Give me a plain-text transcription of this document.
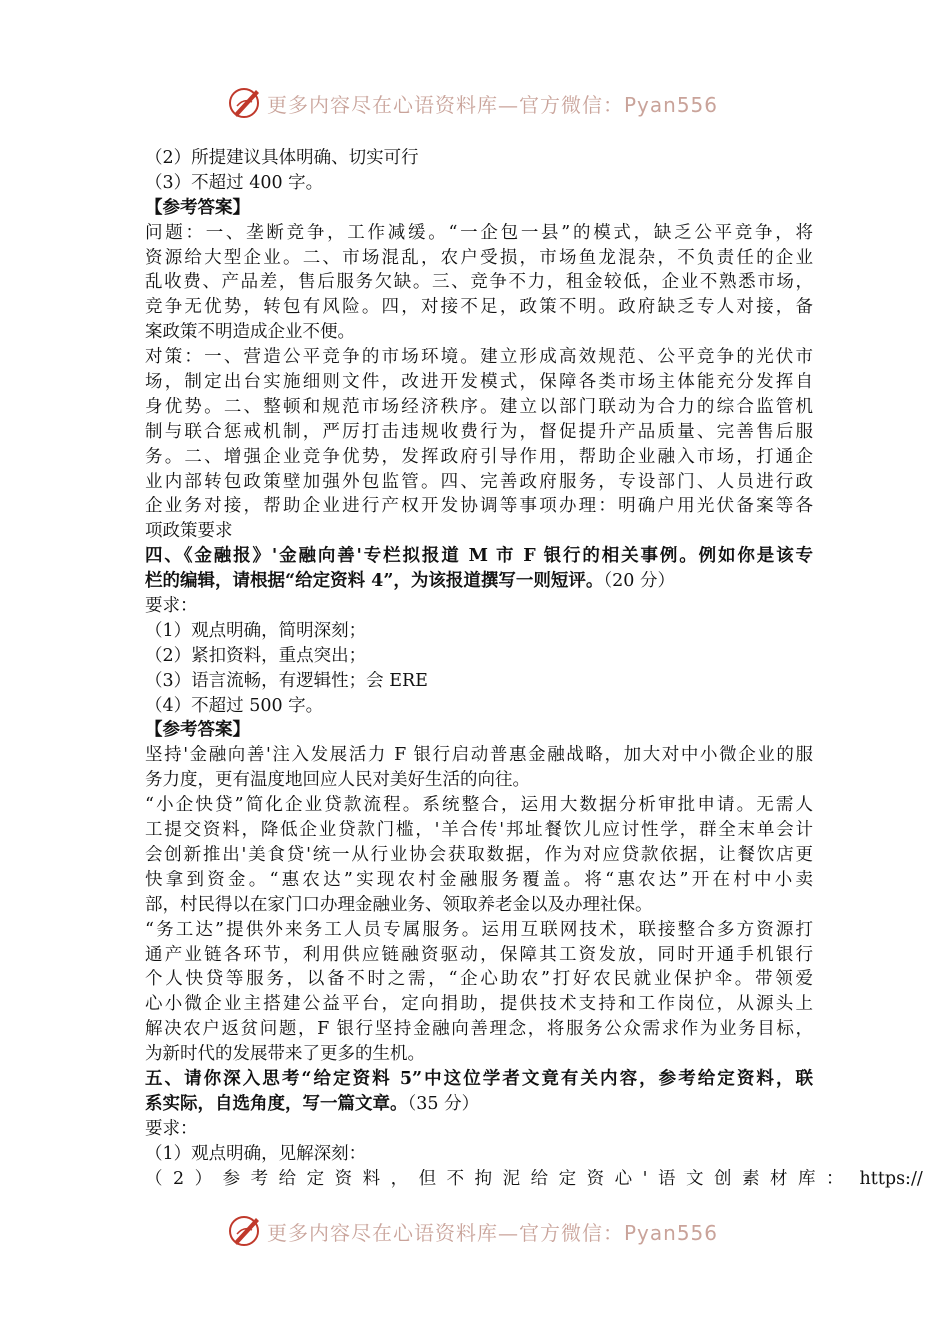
更多内容尽在心语资料库—官方微信：Pyan556
（2）所提建议具体明确、切实可行
（3）不超过 400 字。
【参考答案】
问题：一、垄断竞争，工作减缓。“一企包一县”的模式，缺乏公平竞争，将
资源给大型企业。二、市场混乱，农户受损，市场鱼龙混杂，不负责任的企业
乱收费、产品差，售后服务欠缺。三、竞争不力，租金较低，企业不熟悉市场，
竞争无优势，转包有风险。四，对接不足，政策不明。政府缺乏专人对接，备
案政策不明造成企业不便。
对策：一、营造公平竞争的市场环境。建立形成高效规范、公平竞争的光伏市
场，制定出台实施细则文件，改进开发模式，保障各类市场主体能充分发挥自
身优势。二、整顿和规范市场经济秩序。建立以部门联动为合力的综合监管机
制与联合惩戒机制，严厉打击违规收费行为，督促提升产品质量、完善售后服
务。二、增强企业竞争优势，发挥政府引导作用，帮助企业融入市场，打通企
业内部转包政策壁加强外包监管。四、完善政府服务，专设部门、人员进行政
企业务对接，帮助企业进行产权开发协调等事项办理：明确户用光伏备案等各
项政策要求
四、《金融报》'金融向善'专栏拟报道 M 市 F 银行的相关事例。例如你是该专
栏的编辑，请根据“给定资料 4”，为该报道撰写一则短评。（20 分）
要求：
（1）观点明确，简明深刻；
（2）紧扣资料，重点突出；
（3）语言流畅，有逻辑性；会 ERE
（4）不超过 500 字。
【参考答案】
坚持'金融向善'注入发展活力 F 银行启动普惠金融战略，加大对中小微企业的服
务力度，更有温度地回应人民对美好生活的向往。
“小企快贷”简化企业贷款流程。系统整合，运用大数据分析审批申请。无需人
工提交资料，降低企业贷款门槛，'羊合传'邦址餐饮儿应讨性学，群全末单会计
会创新推出'美食贷'统一从行业协会获取数据，作为对应贷款依据，让餐饮店更
快拿到资金。“惠农达”实现农村金融服务覆盖。将“惠农达”开在村中小卖
部，村民得以在家门口办理金融业务、领取养老金以及办理社保。
“务工达”提供外来务工人员专属服务。运用互联网技术，联接整合多方资源打
通产业链各环节，利用供应链融资驱动，保障其工资发放，同时开通手机银行
个人快贷等服务，以备不时之需，“企心助农”打好农民就业保护伞。带领爱
心小微企业主搭建公益平台，定向捐助，提供技术支持和工作岗位，从源头上
解决农户返贫问题，F 银行坚持金融向善理念，将服务公众需求作为业务目标，
为新时代的发展带来了更多的生机。
五、请你深入思考“给定资料 5”中这位学者文竟有关内容，参考给定资料，联
系实际，自选角度，写一篇文章。（35 分）
要求：
（1）观点明确，见解深刻：
（2）参考给定资料，但不拘泥给定资心'语文创素材库： https://
更多内容尽在心语资料库—官方微信：Pyan556
